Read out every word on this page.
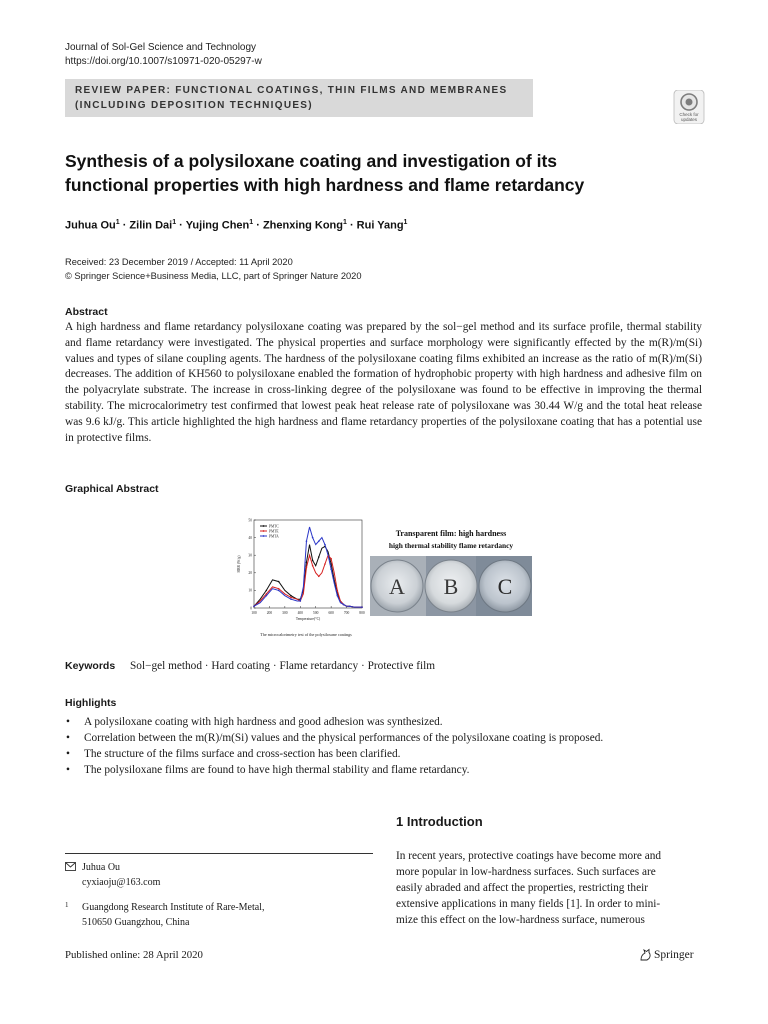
Journal of Sol-Gel Science and Technology
https://doi.org/10.1007/s10971-020-05297-w
REVIEW PAPER: FUNCTIONAL COATINGS, THIN FILMS AND MEMBRANES
(INCLUDING DEPOSITION TECHNIQUES)
Check for
updates
Synthesis of a polysiloxane coating and investigation of its
functional properties with high hardness and flame retardancy
Juhua $Ou^1$ · Zilin Dai$^1$ · Yujing Chen$^1$ · Zhenxing Kong$^1$ · Rui Yang$^1$
Received: 23 December 2019 / Accepted: 11 April 2020
© Springer Science+Business Media, LLC, part of Springer Nature 2020
Abstract
A high hardness and flame retardancy polysiloxane coating was prepared by the sol−gel method and its surface profile, thermal stability and flame retardancy were investigated. The physical properties and surface morphology were significantly effected by the m(R)/m(Si) values and types of silane coupling agents. The hardness of the polysiloxane coating films exhibited an increase as the ratio of m(R)/m(Si) decreases. The addition of KH560 to polysiloxane enabled the formation of hydrophobic property with high hardness and adhesive film on the polyacrylate substrate. The increase in cross-linking degree of the polysiloxane was found to be effective in improving the thermal stability. The microcalorimetry test confirmed that lowest peak heat release rate of polysiloxane was 30.44 W/g and the total heat release was 9.6 kJ/g. This article highlighted the high hardness and flame retardancy properties of the polysiloxane coating that has a potential use in protective films.
Graphical Abstract
100	200	300	400	500	600	700	800
0
10
20
30
40
50
Temperature(°C)
HRR (W/g)
PMTC
PMTE
PMTA
The microcalorimetry test of the polysiloxane coatings
Transparent film: high hardness
high thermal stability flame retardancy
A B C
Keywords Sol−gel method · Hard coating · Flame retardancy · Protective film
Highlights
• A polysiloxane coating with high hardness and good adhesion was synthesized.
• Correlation between the m(R)/m(Si) values and the physical performances of the polysiloxane coating is proposed.
• The structure of the films surface and cross-section has been clarified.
• The polysiloxane films are found to have high thermal stability and flame retardancy.
1 Introduction
In recent years, protective coatings have become more and
more popular in low-hardness surfaces. Such surfaces are
easily abraded and affect the properties, restricting their
extensive applications in many fields [1]. In order to mini-
mize this effect on the low-hardness surface, numerous
Juhua Ou
cyxiaoju@163.com
1 Guangdong Research Institute of Rare-Metal,
510650 Guangzhou, China
Published online: 28 April 2020	Springer
